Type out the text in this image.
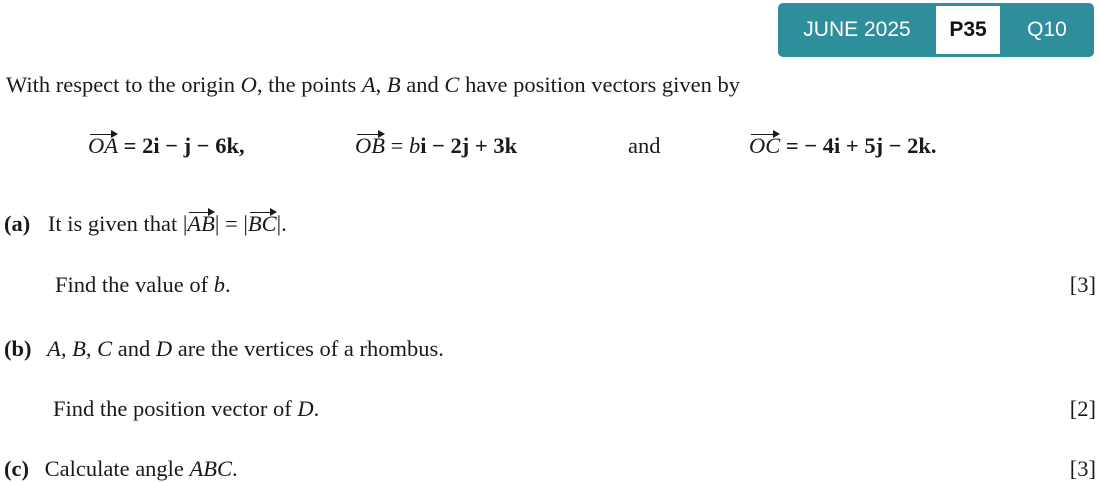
JUNE 2025	P35	Q10
With respect to the origin O, the points A, B and C have position vectors given by
OA = 2i − j − 6k,	OB = bi − 2j + 3k	and	OC = − 4i + 5j − 2k.
(a) It is given that |AB| = |BC|.
Find the value of b.	[3]
(b) A, B, C and D are the vertices of a rhombus.
Find the position vector of D.	[2]
(c) Calculate angle ABC.	[3]
